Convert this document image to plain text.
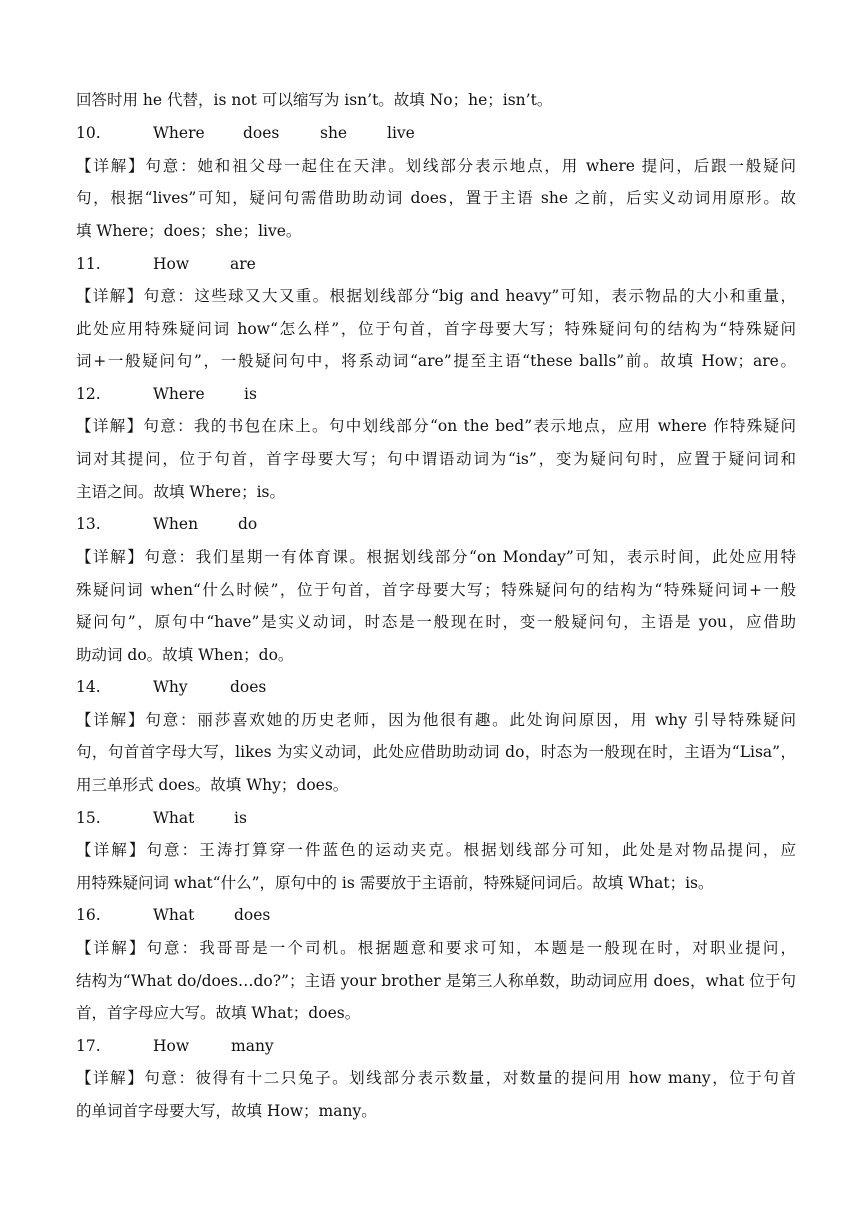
回答时用 he 代替，is not 可以缩写为 isn’t。故填 No；he；isn’t。
10.	Where does	she	live
【详解】句意：她和祖父母一起住在天津。划线部分表示地点，用 where 提问，后跟一般疑问
句，根据“lives”可知，疑问句需借助助动词 does，置于主语 she 之前，后实义动词用原形。故
填 Where；does；she；live。
11.	How	are
【详解】句意：这些球又大又重。根据划线部分“big and heavy”可知，表示物品的大小和重量，
此处应用特殊疑问词 how“怎么样”，位于句首，首字母要大写；特殊疑问句的结构为“特殊疑问
词+一般疑问句”，一般疑问句中，将系动词“are”提至主语“these balls”前。故填 How；are。
12.	Where	is
【详解】句意：我的书包在床上。句中划线部分“on the bed”表示地点，应用 where 作特殊疑问
词对其提问，位于句首，首字母要大写；句中谓语动词为“is”，变为疑问句时，应置于疑问词和
主语之间。故填 Where；is。
13.	When	do
【详解】句意：我们星期一有体育课。根据划线部分“on Monday”可知，表示时间，此处应用特
殊疑问词 when“什么时候”，位于句首，首字母要大写；特殊疑问句的结构为“特殊疑问词+一般
疑问句”，原句中“have”是实义动词，时态是一般现在时，变一般疑问句，主语是 you，应借助
助动词 do。故填 When；do。
14.	Why	does
【详解】句意：丽莎喜欢她的历史老师，因为他很有趣。此处询问原因，用 why 引导特殊疑问
句，句首首字母大写，likes 为实义动词，此处应借助助动词 do，时态为一般现在时，主语为“Lisa”，
用三单形式 does。故填 Why；does。
15.	What	is
【详解】句意：王涛打算穿一件蓝色的运动夹克。根据划线部分可知，此处是对物品提问，应
用特殊疑问词 what“什么”，原句中的 is 需要放于主语前，特殊疑问词后。故填 What；is。
16.	What	does
【详解】句意：我哥哥是一个司机。根据题意和要求可知，本题是一般现在时，对职业提问，
结构为“What do/does…do?”；主语 your brother 是第三人称单数，助动词应用 does，what 位于句
首，首字母应大写。故填 What；does。
17.	How	many
【详解】句意：彼得有十二只兔子。划线部分表示数量，对数量的提问用 how many，位于句首
的单词首字母要大写，故填 How；many。
